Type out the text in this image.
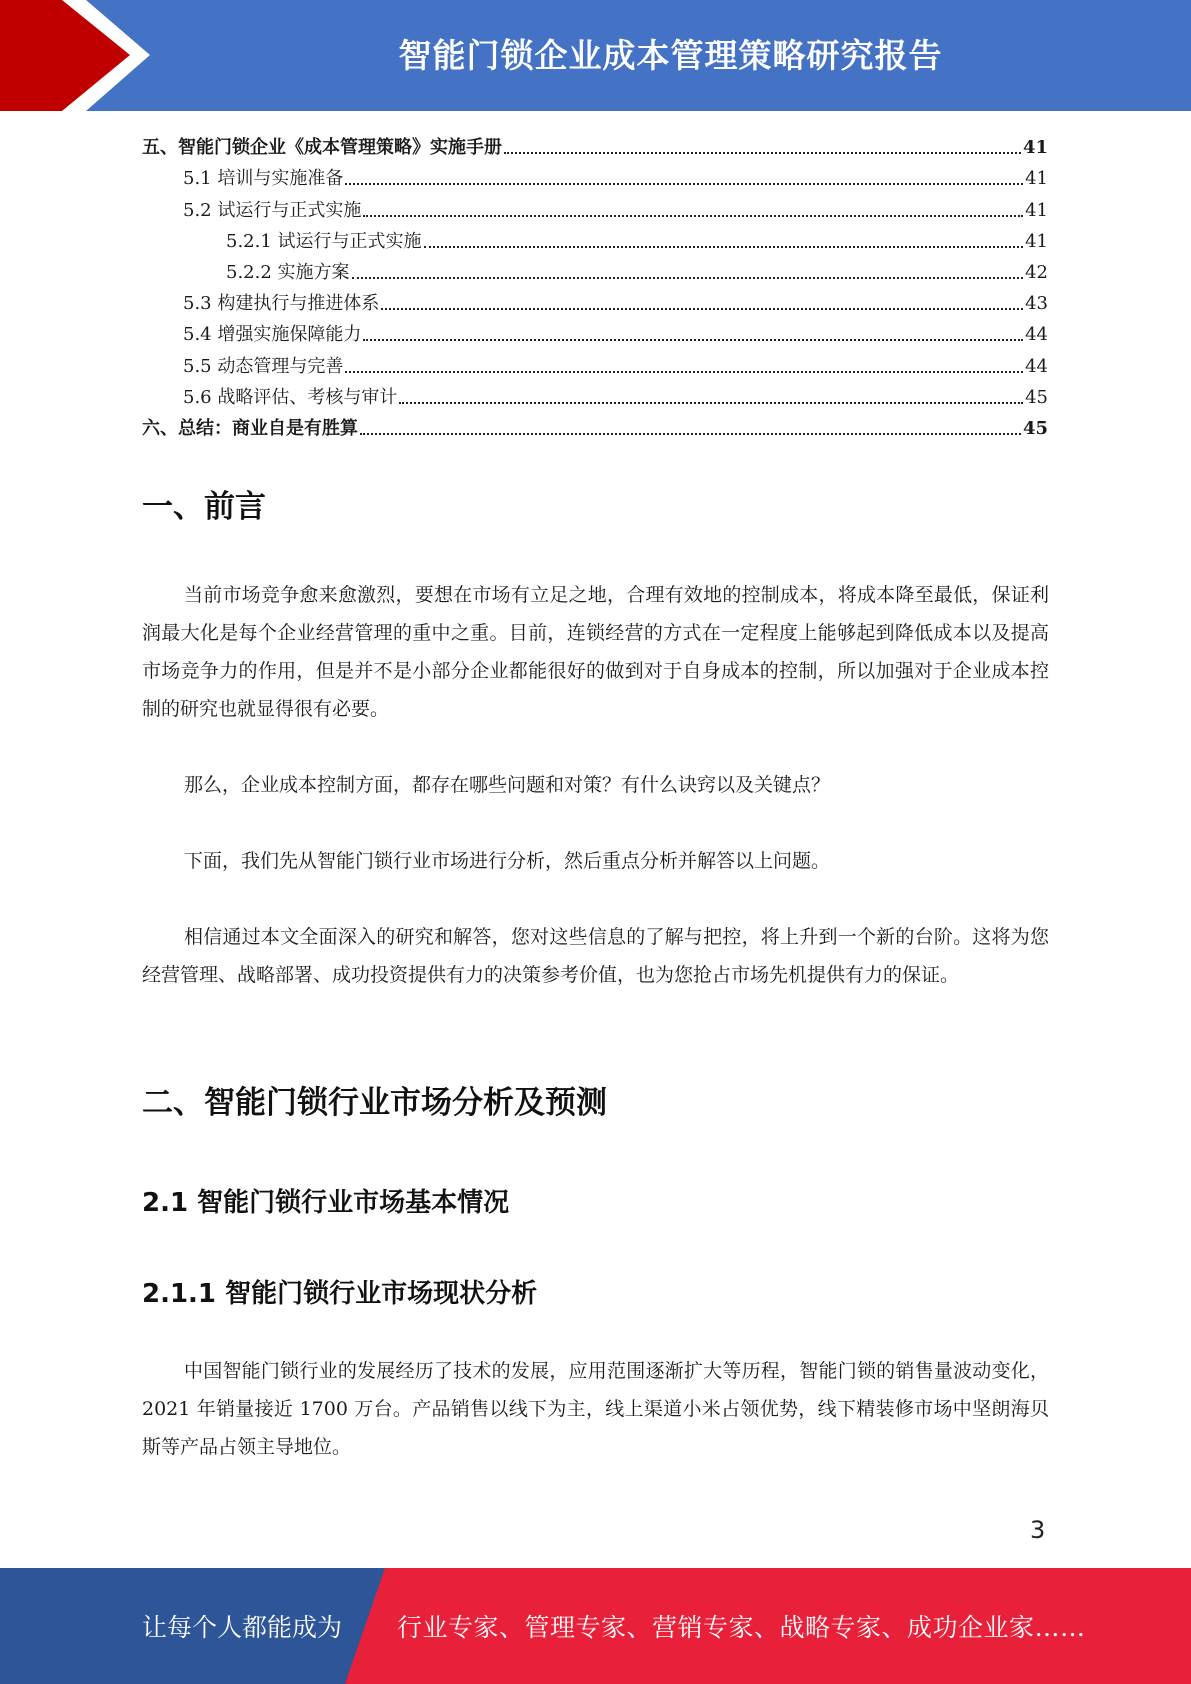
智能门锁企业成本管理策略研究报告
五、智能门锁企业《成本管理策略》实施手册	41
5.1 培训与实施准备	41
5.2 试运行与正式实施	41
5.2.1 试运行与正式实施	41
5.2.2 实施方案	42
5.3 构建执行与推进体系	43
5.4 增强实施保障能力	44
5.5 动态管理与完善	44
5.6 战略评估、考核与审计	45
六、总结：商业自是有胜算	45
一、前言

当前市场竞争愈来愈激烈，要想在市场有立足之地，合理有效地的控制成本，将成本降至最低，保证利润最大化是每个企业经营管理的重中之重。目前，连锁经营的方式在一定程度上能够起到降低成本以及提高市场竞争力的作用，但是并不是小部分企业都能很好的做到对于自身成本的控制，所以加强对于企业成本控制的研究也就显得很有必要。

那么，企业成本控制方面，都存在哪些问题和对策？有什么诀窍以及关键点？

下面，我们先从智能门锁行业市场进行分析，然后重点分析并解答以上问题。

相信通过本文全面深入的研究和解答，您对这些信息的了解与把控，将上升到一个新的台阶。这将为您经营管理、战略部署、成功投资提供有力的决策参考价值，也为您抢占市场先机提供有力的保证。

二、智能门锁行业市场分析及预测
2.1 智能门锁行业市场基本情况
2.1.1 智能门锁行业市场现状分析

中国智能门锁行业的发展经历了技术的发展，应用范围逐渐扩大等历程，智能门锁的销售量波动变化，2021 年销量接近 1700 万台。产品销售以线下为主，线上渠道小米占领优势，线下精装修市场中坚朗海贝斯等产品占领主导地位。

3
让每个人都能成为 行业专家、管理专家、营销专家、战略专家、成功企业家……
